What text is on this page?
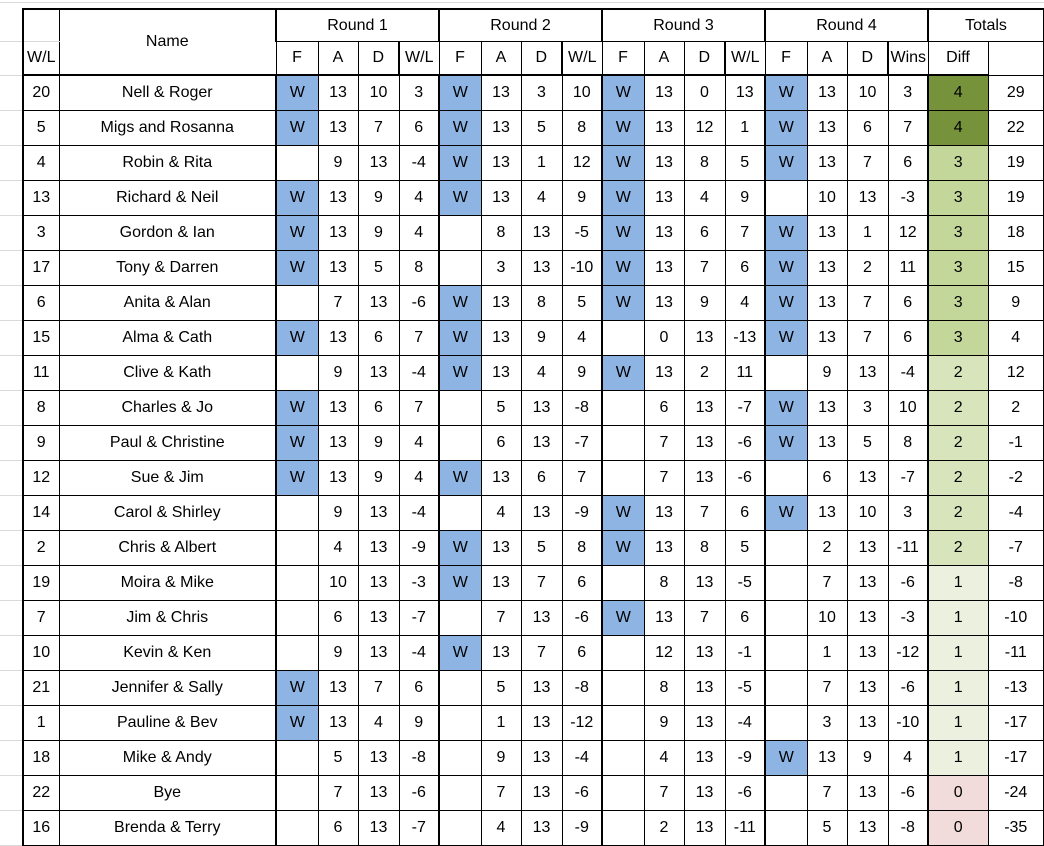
	Name	Round 1				Round 2				Round 3				Round 4				Totals	
W/L		F	A	D	W/L	F	A	D	W/L	F	A	D	W/L	F	A	D	Wins	Diff	
20	Nell & Roger	W	13	10	3	W	13	3	10	W	13	0	13	W	13	10	3	4	29
5	Migs and Rosanna	W	13	7	6	W	13	5	8	W	13	12	1	W	13	6	7	4	22
4	Robin & Rita		9	13	-4	W	13	1	12	W	13	8	5	W	13	7	6	3	19
13	Richard & Neil	W	13	9	4	W	13	4	9	W	13	4	9		10	13	-3	3	19
3	Gordon & Ian	W	13	9	4		8	13	-5	W	13	6	7	W	13	1	12	3	18
17	Tony & Darren	W	13	5	8		3	13	-10	W	13	7	6	W	13	2	11	3	15
6	Anita & Alan		7	13	-6	W	13	8	5	W	13	9	4	W	13	7	6	3	9
15	Alma & Cath	W	13	6	7	W	13	9	4		0	13	-13	W	13	7	6	3	4
11	Clive & Kath		9	13	-4	W	13	4	9	W	13	2	11		9	13	-4	2	12
8	Charles & Jo	W	13	6	7		5	13	-8		6	13	-7	W	13	3	10	2	2
9	Paul & Christine	W	13	9	4		6	13	-7		7	13	-6	W	13	5	8	2	-1
12	Sue & Jim	W	13	9	4	W	13	6	7		7	13	-6		6	13	-7	2	-2
14	Carol & Shirley		9	13	-4		4	13	-9	W	13	7	6	W	13	10	3	2	-4
2	Chris & Albert		4	13	-9	W	13	5	8	W	13	8	5		2	13	-11	2	-7
19	Moira & Mike		10	13	-3	W	13	7	6		8	13	-5		7	13	-6	1	-8
7	Jim & Chris		6	13	-7		7	13	-6	W	13	7	6		10	13	-3	1	-10
10	Kevin & Ken		9	13	-4	W	13	7	6		12	13	-1		1	13	-12	1	-11
21	Jennifer & Sally	W	13	7	6		5	13	-8		8	13	-5		7	13	-6	1	-13
1	Pauline & Bev	W	13	4	9		1	13	-12		9	13	-4		3	13	-10	1	-17
18	Mike & Andy		5	13	-8		9	13	-4		4	13	-9	W	13	9	4	1	-17
22	Bye		7	13	-6		7	13	-6		7	13	-6		7	13	-6	0	-24
16	Brenda & Terry		6	13	-7		4	13	-9		2	13	-11		5	13	-8	0	-35
